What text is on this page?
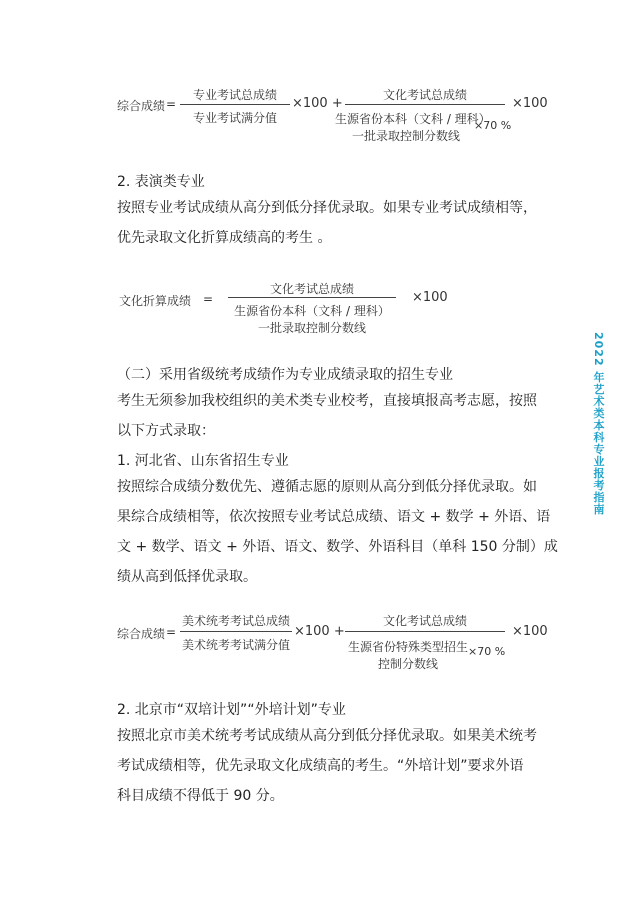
综合成绩 =
专业考试总成绩
专业考试满分值
×100 +
文化考试总成绩
生源省份本科（文科 / 理科）
一批录取控制分数线
×70 %
×100
2. 表演类专业
按照专业考试成绩从高分到低分择优录取。如果专业考试成绩相等，
优先录取文化折算成绩高的考生 。
文化折算成绩 =
文化考试总成绩
生源省份本科（文科 / 理科）
一批录取控制分数线
×100
（二）采用省级统考成绩作为专业成绩录取的招生专业
考生无须参加我校组织的美术类专业校考，直接填报高考志愿，按照
以下方式录取：
1. 河北省、山东省招生专业
按照综合成绩分数优先、遵循志愿的原则从高分到低分择优录取。如
果综合成绩相等，依次按照专业考试总成绩、语文 + 数学 + 外语、语
文 + 数学、语文 + 外语、语文、数学、外语科目（单科 150 分制）成
绩从高到低择优录取。
综合成绩 =
美术统考考试总成绩
美术统考考试满分值
×100 +
文化考试总成绩
生源省份特殊类型招生
控制分数线
×70 %
×100
2. 北京市“双培计划”“外培计划”专业
按照北京市美术统考考试成绩从高分到低分择优录取。如果美术统考
考试成绩相等，优先录取文化成绩高的考生。“外培计划”要求外语
科目成绩不得低于 90 分。
2022 年艺术类本科专业报考指南
